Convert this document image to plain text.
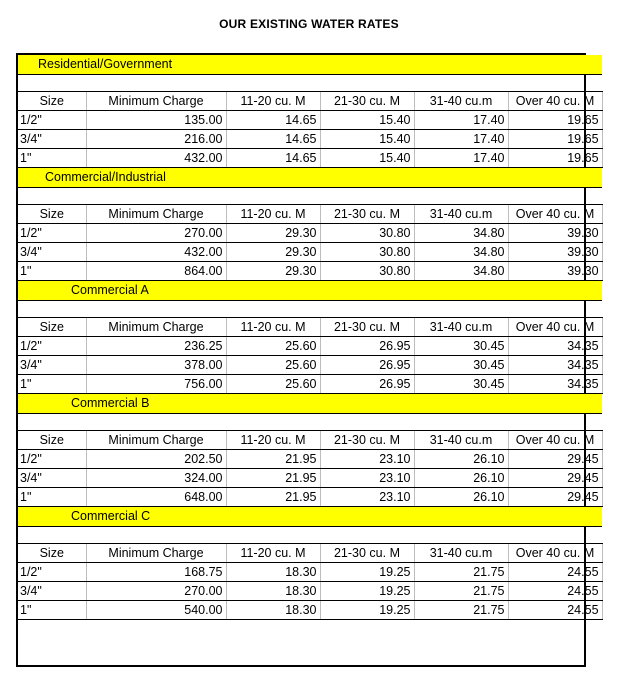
OUR EXISTING WATER RATES
Residential/Government					

Size	Minimum Charge	11-20 cu. M	21-30 cu. M	31-40 cu.m	Over 40 cu. M
1/2"	135.00	14.65	15.40	17.40	19.65
3/4"	216.00	14.65	15.40	17.40	19.65
1"	432.00	14.65	15.40	17.40	19.65
Commercial/Industrial					

Size	Minimum Charge	11-20 cu. M	21-30 cu. M	31-40 cu.m	Over 40 cu. M
1/2"	270.00	29.30	30.80	34.80	39.30
3/4"	432.00	29.30	30.80	34.80	39.30
1"	864.00	29.30	30.80	34.80	39.30
Commercial A					

Size	Minimum Charge	11-20 cu. M	21-30 cu. M	31-40 cu.m	Over 40 cu. M
1/2"	236.25	25.60	26.95	30.45	34.35
3/4"	378.00	25.60	26.95	30.45	34.35
1"	756.00	25.60	26.95	30.45	34.35
Commercial B					

Size	Minimum Charge	11-20 cu. M	21-30 cu. M	31-40 cu.m	Over 40 cu. M
1/2"	202.50	21.95	23.10	26.10	29.45
3/4"	324.00	21.95	23.10	26.10	29.45
1"	648.00	21.95	23.10	26.10	29.45
Commercial C					

Size	Minimum Charge	11-20 cu. M	21-30 cu. M	31-40 cu.m	Over 40 cu. M
1/2"	168.75	18.30	19.25	21.75	24.55
3/4"	270.00	18.30	19.25	21.75	24.55
1"	540.00	18.30	19.25	21.75	24.55
